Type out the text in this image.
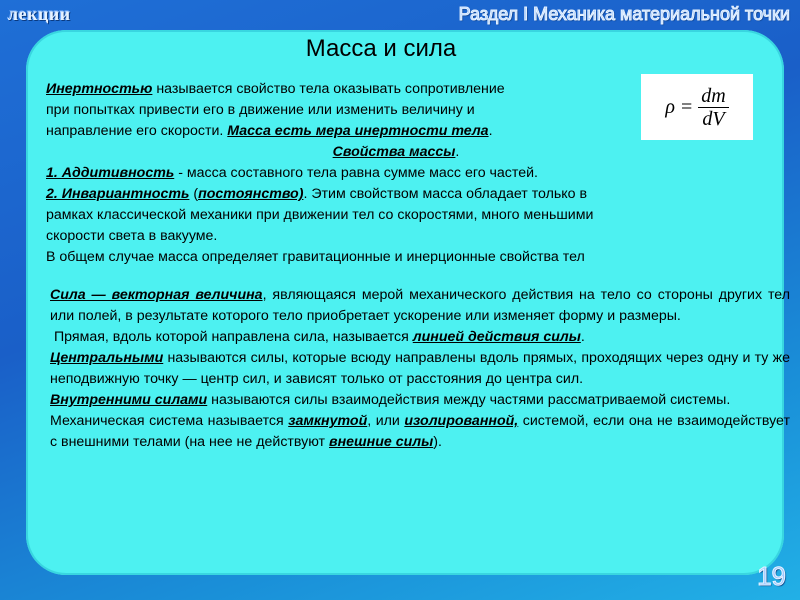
лекции	Раздел I Механика материальной точки
Масса и сила
$\rho = \frac{dm}{dV}$

Инертностью называется свойство тела оказывать сопротивление

при попытках привести его в движение или изменить величину и

направление его скорости. Масса есть мера инертности тела.

Свойства массы.

1. Аддитивность - масса составного тела равна сумме масс его частей.

2. Инвариантность (постоянство). Этим свойством масса обладает только в

рамках классической механики при движении тел со скоростями, много меньшими

скорости света в вакууме.

В общем случае масса определяет гравитационные и инерционные свойства тел

Сила — векторная величина, являющаяся мерой механического действия на тело со стороны других тел или полей, в результате которого тело приобретает ускорение или изменяет форму и размеры.

Прямая, вдоль которой направлена сила, называется линией действия силы.

Центральными называются силы, которые всюду направлены вдоль прямых, проходящих через одну и ту же неподвижную точку — центр сил, и зависят только от расстояния до центра сил.

Внутренними силами называются силы взаимодействия между частями рассматриваемой системы.

Механическая система называется замкнутой, или изолированной, системой, если она не взаимодействует с внешними телами (на нее не действуют внешние силы).

19
